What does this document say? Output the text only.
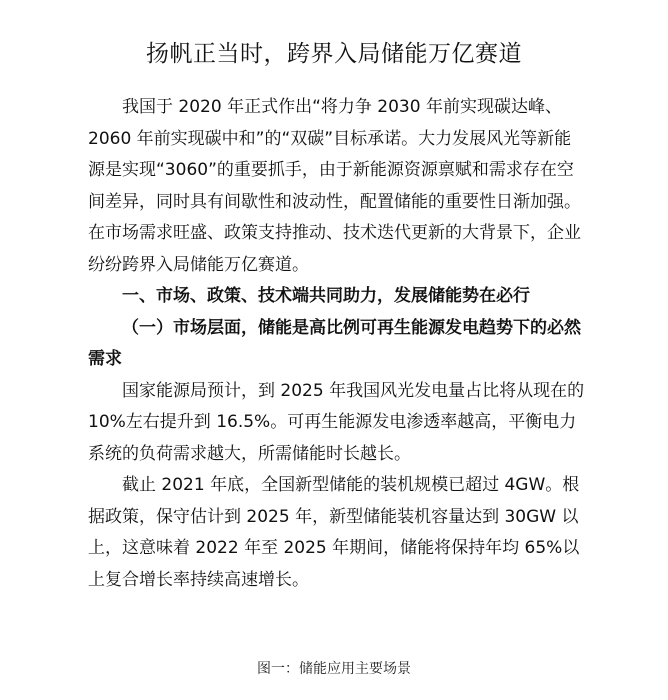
扬帆正当时，跨界入局储能万亿赛道

我国于 2020 年正式作出“将力争 2030 年前实现碳达峰、2060 年前实现碳中和”的“双碳”目标承诺。大力发展风光等新能源是实现“3060”的重要抓手，由于新能源资源禀赋和需求存在空间差异，同时具有间歇性和波动性，配置储能的重要性日渐加强。在市场需求旺盛、政策支持推动、技术迭代更新的大背景下，企业纷纷跨界入局储能万亿赛道。

一、市场、政策、技术端共同助力，发展储能势在必行

（一）市场层面，储能是高比例可再生能源发电趋势下的必然需求

国家能源局预计，到 2025 年我国风光发电量占比将从现在的 10%左右提升到 16.5%。可再生能源发电渗透率越高，平衡电力系统的负荷需求越大，所需储能时长越长。

截止 2021 年底，全国新型储能的装机规模已超过 4GW。根据政策，保守估计到 2025 年，新型储能装机容量达到 30GW 以上，这意味着 2022 年至 2025 年期间，储能将保持年均 65%以上复合增长率持续高速增长。

图一：储能应用主要场景
